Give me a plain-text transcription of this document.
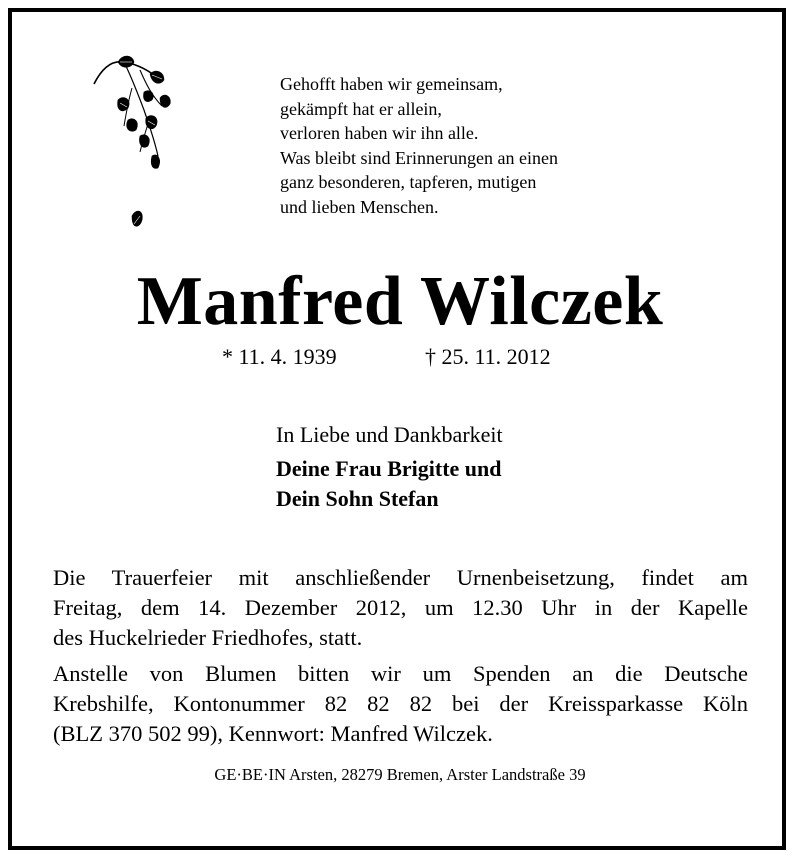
Gehofft haben wir gemeinsam,
gekämpft hat er allein,
verloren haben wir ihn alle.
Was bleibt sind Erinnerungen an einen
ganz besonderen, tapferen, mutigen
und lieben Menschen.
Manfred Wilczek
* 11. 4. 1939	† 25. 11. 2012
In Liebe und Dankbarkeit
Deine Frau Brigitte und
Dein Sohn Stefan
Die Trauerfeier mit anschließender Urnenbeisetzung, findet am
Freitag, dem 14. Dezember 2012, um 12.30 Uhr in der Kapelle
des Huckelrieder Friedhofes, statt.
Anstelle von Blumen bitten wir um Spenden an die Deutsche
Krebshilfe, Kontonummer 82 82 82 bei der Kreissparkasse Köln
(BLZ 370 502 99), Kennwort: Manfred Wilczek.
GE·BE·IN Arsten, 28279 Bremen, Arster Landstraße 39
